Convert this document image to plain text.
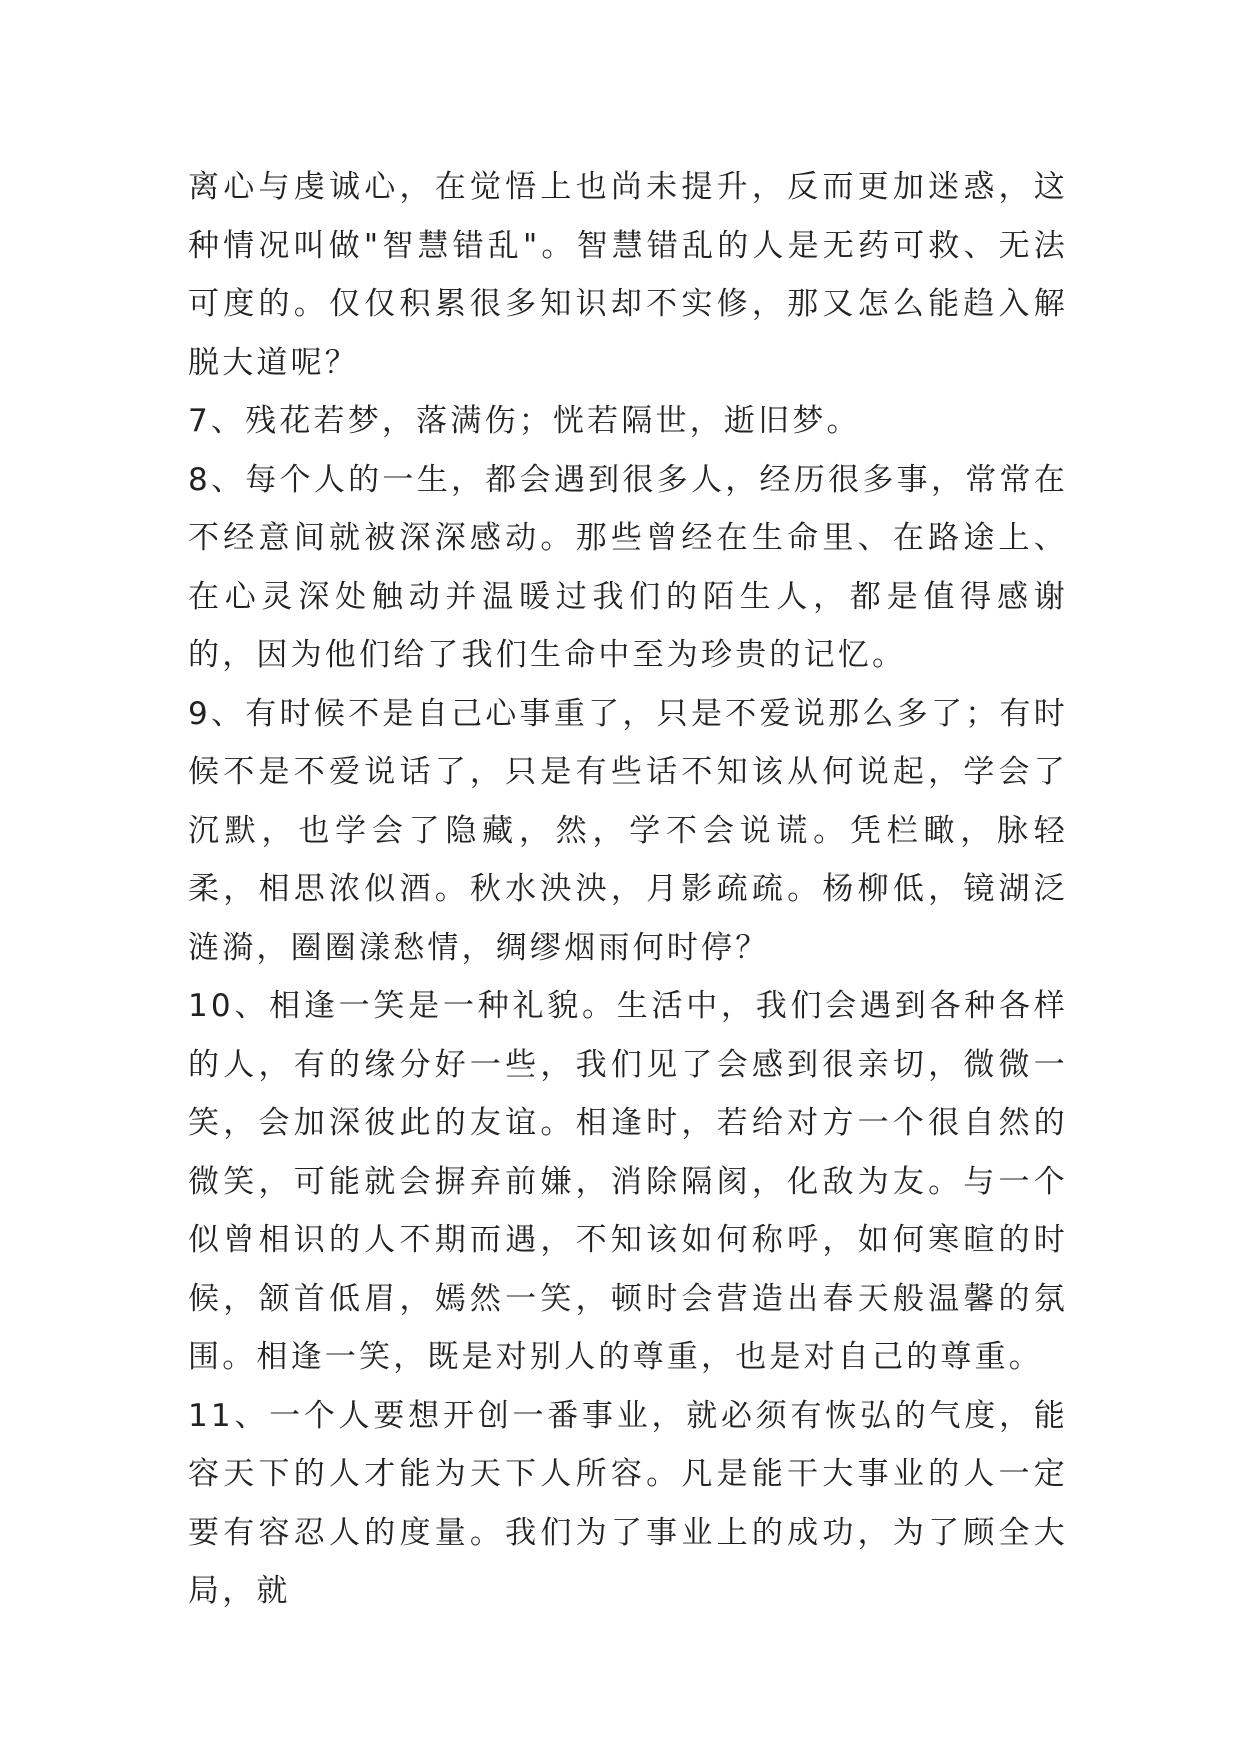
离心与虔诚心，在觉悟上也尚未提升，反而更加迷惑，这种情况叫做"智慧错乱"。智慧错乱的人是无药可救、无法可度的。仅仅积累很多知识却不实修，那又怎么能趋入解脱大道呢？

7、残花若梦，落满伤；恍若隔世，逝旧梦。

8、每个人的一生，都会遇到很多人，经历很多事，常常在不经意间就被深深感动。那些曾经在生命里、在路途上、在心灵深处触动并温暖过我们的陌生人，都是值得感谢的，因为他们给了我们生命中至为珍贵的记忆。

9、有时候不是自己心事重了，只是不爱说那么多了；有时候不是不爱说话了，只是有些话不知该从何说起，学会了沉默，也学会了隐藏，然，学不会说谎。凭栏瞰，脉轻柔，相思浓似酒。秋水泱泱，月影疏疏。杨柳低，镜湖泛涟漪，圈圈漾愁情，绸缪烟雨何时停？

10、相逢一笑是一种礼貌。生活中，我们会遇到各种各样的人，有的缘分好一些，我们见了会感到很亲切，微微一笑，会加深彼此的友谊。相逢时，若给对方一个很自然的微笑，可能就会摒弃前嫌，消除隔阂，化敌为友。与一个似曾相识的人不期而遇，不知该如何称呼，如何寒暄的时候，颔首低眉，嫣然一笑，顿时会营造出春天般温馨的氛围。相逢一笑，既是对别人的尊重，也是对自己的尊重。

11、一个人要想开创一番事业，就必须有恢弘的气度，能容天下的人才能为天下人所容。凡是能干大事业的人一定要有容忍人的度量。我们为了事业上的成功，为了顾全大局，就
